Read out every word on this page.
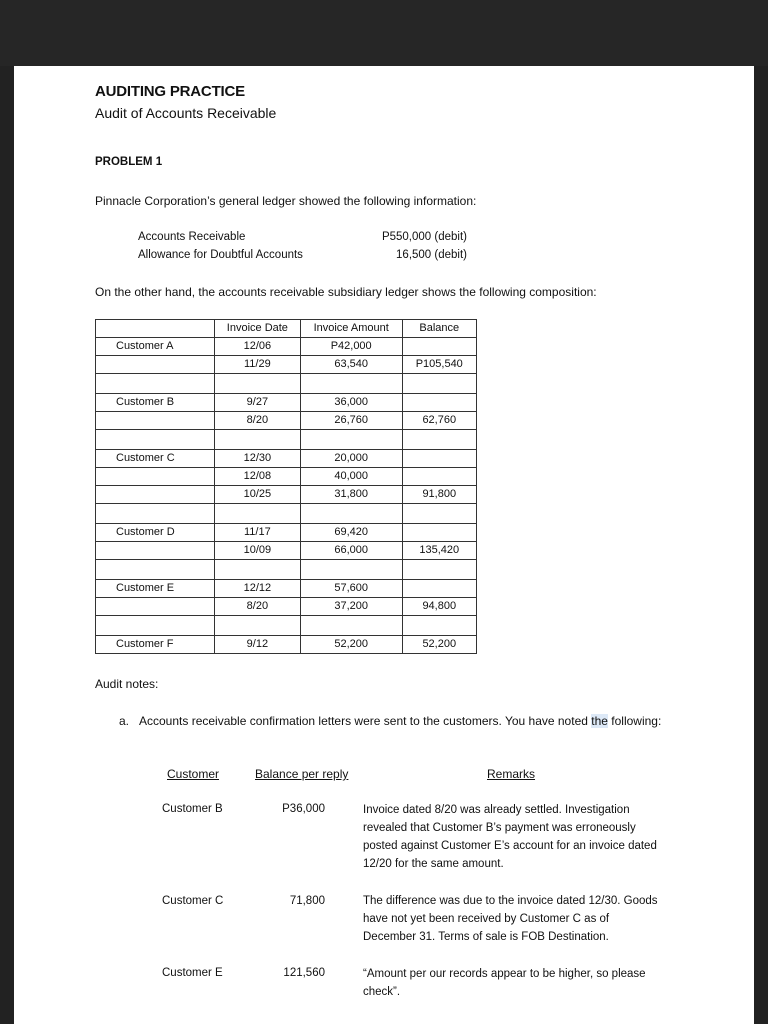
AUDITING PRACTICE
Audit of Accounts Receivable
PROBLEM 1
Pinnacle Corporation’s general ledger showed the following information:
Accounts Receivable	P550,000 (debit)
Allowance for Doubtful Accounts	16,500 (debit)
On the other hand, the accounts receivable subsidiary ledger shows the following composition:
	Invoice Date	Invoice Amount	Balance
Customer A	12/06	P42,000	
	11/29	63,540	P105,540

Customer B	9/27	36,000	
	8/20	26,760	62,760

Customer C	12/30	20,000	
	12/08	40,000	
	10/25	31,800	91,800

Customer D	11/17	69,420	
	10/09	66,000	135,420

Customer E	12/12	57,600	
	8/20	37,200	94,800

Customer F	9/12	52,200	52,200
Audit notes:
a. Accounts receivable confirmation letters were sent to the customers. You have noted the following:
Customer	Balance per reply	Remarks
Customer B	P36,000	Invoice dated 8/20 was already settled. Investigation revealed that Customer B’s payment was erroneously posted against Customer E’s account for an invoice dated 12/20 for the same amount.
Customer C	71,800	The difference was due to the invoice dated 12/30. Goods have not yet been received by Customer C as of December 31. Terms of sale is FOB Destination.
Customer E	121,560	“Amount per our records appear to be higher, so please check”.
